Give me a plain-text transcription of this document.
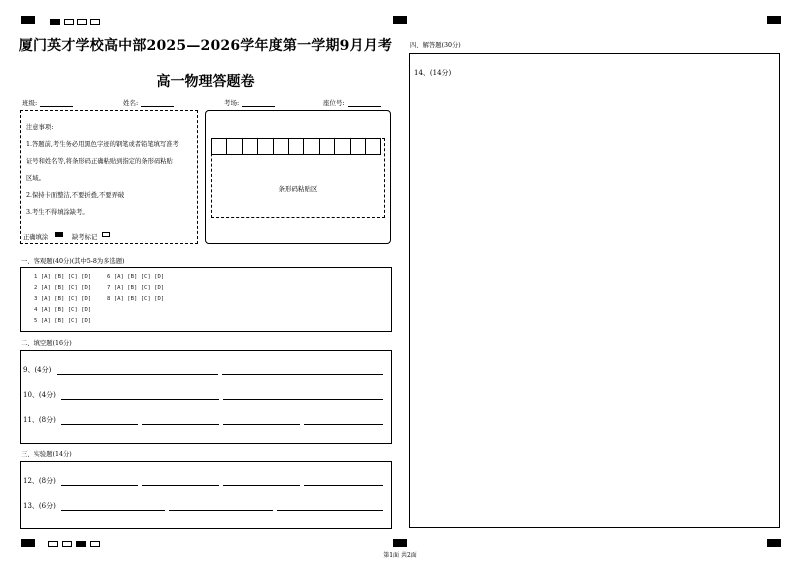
厦门英才学校高中部2025—2026学年度第一学期9月月考
高一物理答题卷
班级:	姓名:	考场:	座位号:
注意事项:
1.答题前,考生务必用黑色字迹的钢笔或者铅笔填写准考
证号和姓名等,将条形码正确粘贴到指定的条形码粘贴
区域。
2.保持卡面整洁,不要折叠,不要弄破
3.考生不得填涂缺考。
正确填涂	缺考标记
条形码粘贴区
一、客观题(40分)(其中5-8为多选题)
1 [A] [B] [C] [D]
2 [A] [B] [C] [D]
3 [A] [B] [C] [D]
4 [A] [B] [C] [D]
5 [A] [B] [C] [D]
6 [A] [B] [C] [D]
7 [A] [B] [C] [D]
8 [A] [B] [C] [D]
二、填空题(16分)
9、(4分)
10、(4分)
11、(8分)
三、实验题(14分)
12、(8分)
13、(6分)
四、解答题(30分)
14、(14分)
第1面 共2面
